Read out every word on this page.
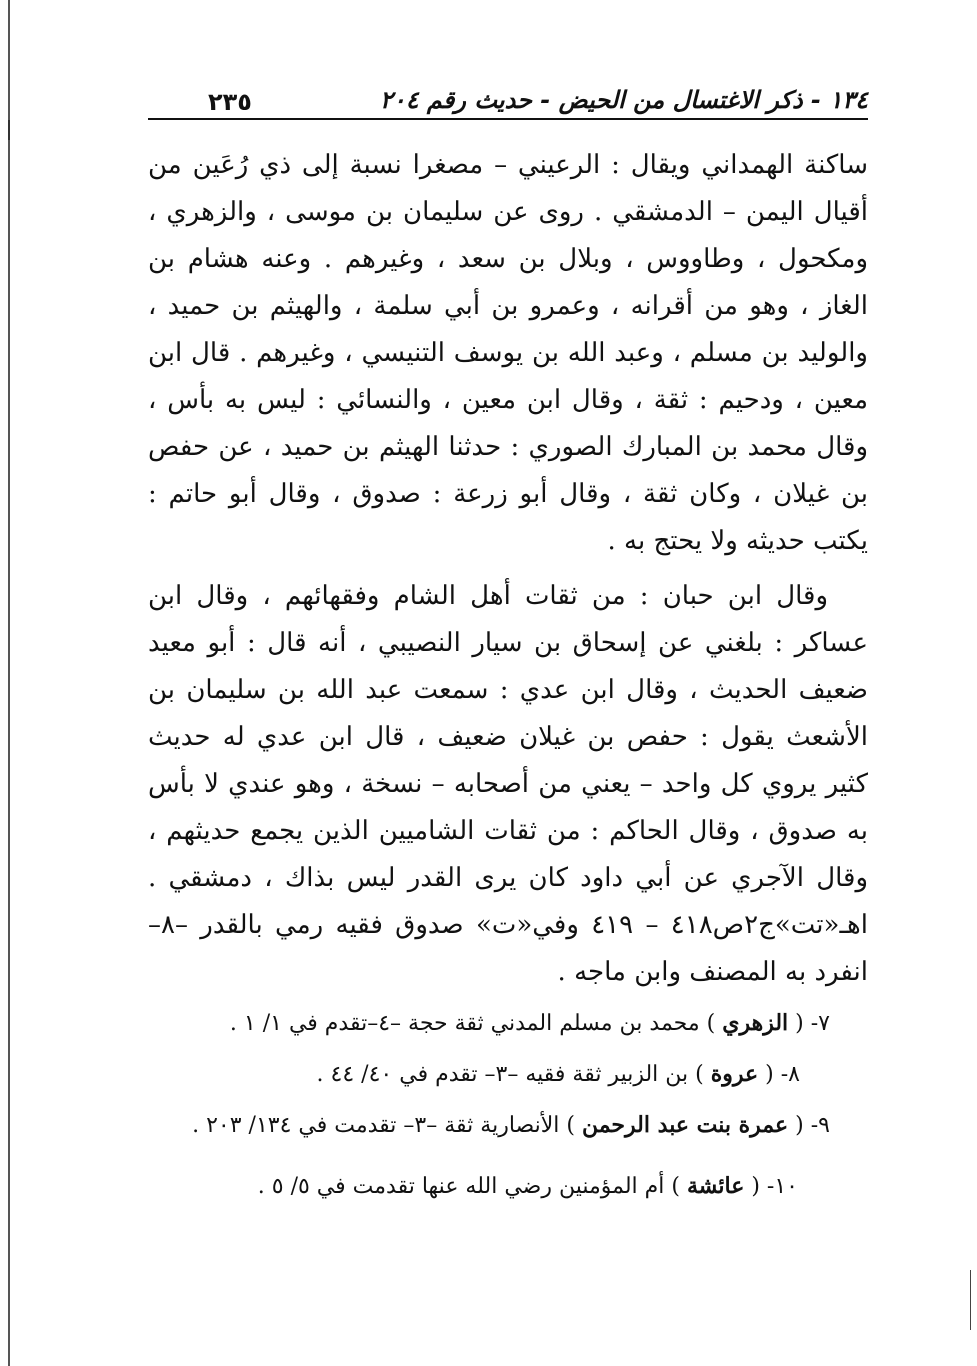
١٣٤ - ذكر الاغتسال من الحيض - حديث رقم ٢٠٤
٢٣٥

ساكنة الهمداني ويقال : الرعيني – مصغرا نسبة إلى ذي رُعَين من أقيال اليمن – الدمشقي . روى عن سليمان بن موسى ، والزهري ، ومكحول ، وطاووس ، وبلال بن سعد ، وغيرهم . وعنه هشام بن الغاز ، وهو من أقرانه ، وعمرو بن أبي سلمة ، والهيثم بن حميد ، والوليد بن مسلم ، وعبد الله بن يوسف التنيسي ، وغيرهم . قال ابن معين ، ودحيم : ثقة ، وقال ابن معين ، والنسائي : ليس به بأس ، وقال محمد بن المبارك الصوري : حدثنا الهيثم بن حميد ، عن حفص بن غيلان ، وكان ثقة ، وقال أبو زرعة : صدوق ، وقال أبو حاتم : يكتب حديثه ولا يحتج به .

وقال ابن حبان : من ثقات أهل الشام وفقهائهم ، وقال ابن عساكر : بلغني عن إسحاق بن سيار النصيبي ، أنه قال : أبو معيد ضعيف الحديث ، وقال ابن عدي : سمعت عبد الله بن سليمان بن الأشعث يقول : حفص بن غيلان ضعيف ، قال ابن عدي له حديث كثير يروي كل واحد – يعني من أصحابه – نسخة ، وهو عندي لا بأس به صدوق ، وقال الحاكم : من ثقات الشاميين الذين يجمع حديثهم ، وقال الآجري عن أبي داود كان يرى القدر ليس بذاك ، دمشقي . اهـ«تت»ج٢ص٤١٨ – ٤١٩ وفي«ت» صدوق فقيه رمي بالقدر –٨–انفرد به المصنف وابن ماجه .

٧- ( الزهري ) محمد بن مسلم المدني ثقة حجة –٤–تقدم في ١/ ١ .

٨- ( عروة ) بن الزبير ثقة فقيه –٣– تقدم في ٤٠/ ٤٤ .

٩- ( عمرة بنت عبد الرحمن ) الأنصارية ثقة –٣– تقدمت في ١٣٤/ ٢٠٣ .

١٠- ( عائشة ) أم المؤمنين رضي الله عنها تقدمت في ٥/ ٥ .
